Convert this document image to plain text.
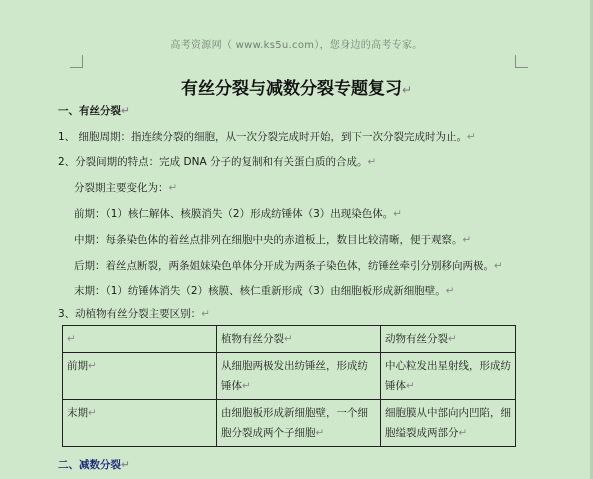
高考资源网（ www.ks5u.com），您身边的高考专家。
有丝分裂与减数分裂专题复习↵
一、有丝分裂↵
1、 细胞周期：指连续分裂的细胞，从一次分裂完成时开始，到下一次分裂完成时为止。↵
2、分裂间期的特点：完成 DNA 分子的复制和有关蛋白质的合成。↵
分裂期主要变化为：↵
前期：（1）核仁解体、核膜消失（2）形成纺锤体（3）出现染色体。↵
中期：每条染色体的着丝点排列在细胞中央的赤道板上，数目比较清晰，便于观察。↵
后期：着丝点断裂，两条姐妹染色单体分开成为两条子染色体，纺锤丝牵引分别移向两极。↵
末期：（1）纺锤体消失（2）核膜、核仁重新形成（3）由细胞板形成新细胞壁。↵
3、动植物有丝分裂主要区别：↵
↵	植物有丝分裂↵	动物有丝分裂↵
前期↵	从细胞两极发出纺锤丝，形成纺锤体↵	中心粒发出星射线，形成纺锤体↵
末期↵	由细胞板形成新细胞壁，一个细胞分裂成两个子细胞↵	细胞膜从中部向内凹陷，细胞缢裂成两部分↵
二、减数分裂↵
